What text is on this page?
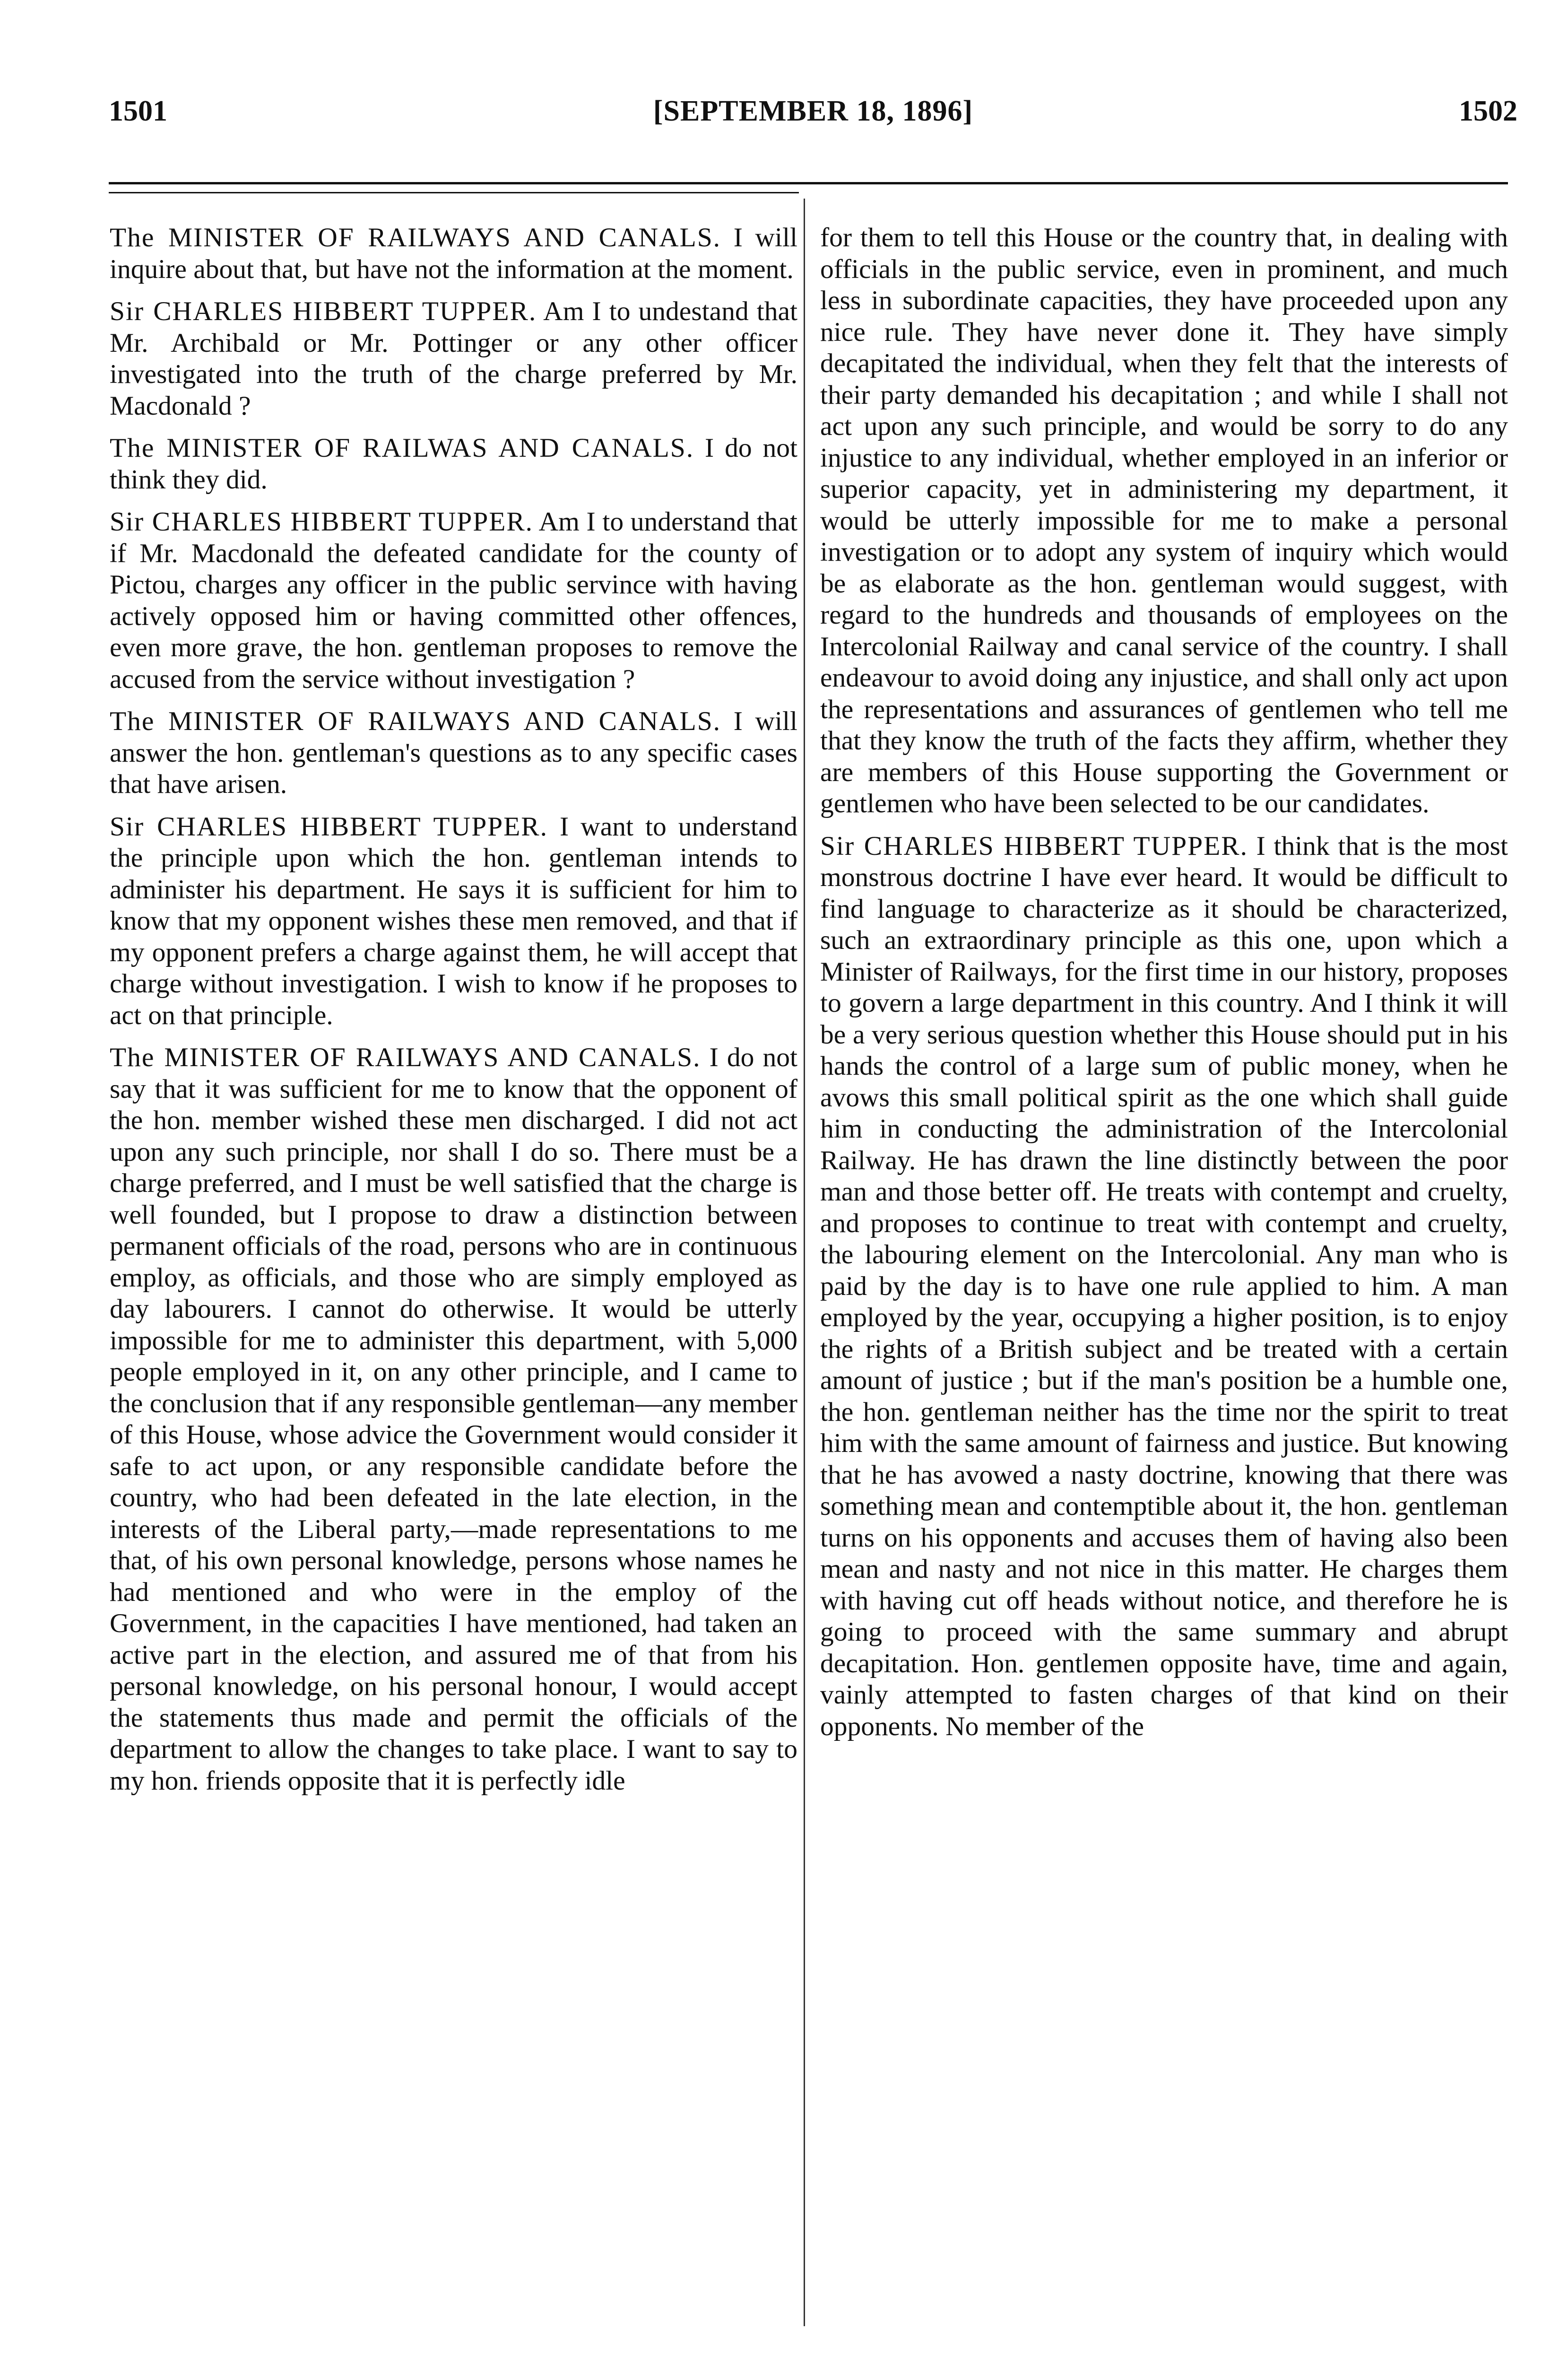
1501	[SEPTEMBER 18, 1896]	1502

The MINISTER OF RAILWAYS AND CANALS. I will inquire about that, but have not the information at the moment.

Sir CHARLES HIBBERT TUPPER. Am I to undestand that Mr. Archibald or Mr. Pottinger or any other officer investigated into the truth of the charge preferred by Mr. Macdonald ?

The MINISTER OF RAILWAS AND CANALS. I do not think they did.

Sir CHARLES HIBBERT TUPPER. Am I to understand that if Mr. Macdonald the defeated candidate for the county of Pictou, charges any officer in the public servince with having actively opposed him or having committed other offences, even more grave, the hon. gentleman proposes to remove the accused from the service without investigation ?

The MINISTER OF RAILWAYS AND CANALS. I will answer the hon. gentleman's questions as to any specific cases that have arisen.

Sir CHARLES HIBBERT TUPPER. I want to understand the principle upon which the hon. gentleman intends to administer his department. He says it is sufficient for him to know that my opponent wishes these men removed, and that if my opponent prefers a charge against them, he will accept that charge without investigation. I wish to know if he proposes to act on that principle.

The MINISTER OF RAILWAYS AND CANALS. I do not say that it was sufficient for me to know that the opponent of the hon. member wished these men discharged. I did not act upon any such principle, nor shall I do so. There must be a charge preferred, and I must be well satisfied that the charge is well founded, but I propose to draw a distinction between permanent officials of the road, persons who are in continuous employ, as officials, and those who are simply employed as day labourers. I cannot do otherwise. It would be utterly impossible for me to administer this department, with 5,000 people employed in it, on any other principle, and I came to the conclusion that if any responsible gentleman—any member of this House, whose advice the Government would consider it safe to act upon, or any responsible candidate before the country, who had been defeated in the late election, in the interests of the Liberal party,—made representations to me that, of his own personal knowledge, persons whose names he had mentioned and who were in the employ of the Government, in the capacities I have mentioned, had taken an active part in the election, and assured me of that from his personal knowledge, on his personal honour, I would accept the statements thus made and permit the officials of the department to allow the changes to take place. I want to say to my hon. friends opposite that it is perfectly idle

for them to tell this House or the country that, in dealing with officials in the public service, even in prominent, and much less in subordinate capacities, they have proceeded upon any nice rule. They have never done it. They have simply decapitated the individual, when they felt that the interests of their party demanded his decapitation ; and while I shall not act upon any such principle, and would be sorry to do any injustice to any individual, whether employed in an inferior or superior capacity, yet in administering my department, it would be utterly impossible for me to make a personal investigation or to adopt any system of inquiry which would be as elaborate as the hon. gentleman would suggest, with regard to the hundreds and thousands of employees on the Intercolonial Railway and canal service of the country. I shall endeavour to avoid doing any injustice, and shall only act upon the representations and assurances of gentlemen who tell me that they know the truth of the facts they affirm, whether they are members of this House supporting the Government or gentlemen who have been selected to be our candidates.

Sir CHARLES HIBBERT TUPPER. I think that is the most monstrous doctrine I have ever heard. It would be difficult to find language to characterize as it should be characterized, such an extraordinary principle as this one, upon which a Minister of Railways, for the first time in our history, proposes to govern a large department in this country. And I think it will be a very serious question whether this House should put in his hands the control of a large sum of public money, when he avows this small political spirit as the one which shall guide him in conducting the administration of the Intercolonial Railway. He has drawn the line distinctly between the poor man and those better off. He treats with contempt and cruelty, and proposes to continue to treat with contempt and cruelty, the labouring element on the Intercolonial. Any man who is paid by the day is to have one rule applied to him. A man employed by the year, occupying a higher position, is to enjoy the rights of a British subject and be treated with a certain amount of justice ; but if the man's position be a humble one, the hon. gentleman neither has the time nor the spirit to treat him with the same amount of fairness and justice. But knowing that he has avowed a nasty doctrine, knowing that there was something mean and contemptible about it, the hon. gentleman turns on his opponents and accuses them of having also been mean and nasty and not nice in this matter. He charges them with having cut off heads without notice, and therefore he is going to proceed with the same summary and abrupt decapitation. Hon. gentlemen opposite have, time and again, vainly attempted to fasten charges of that kind on their opponents. No member of the
